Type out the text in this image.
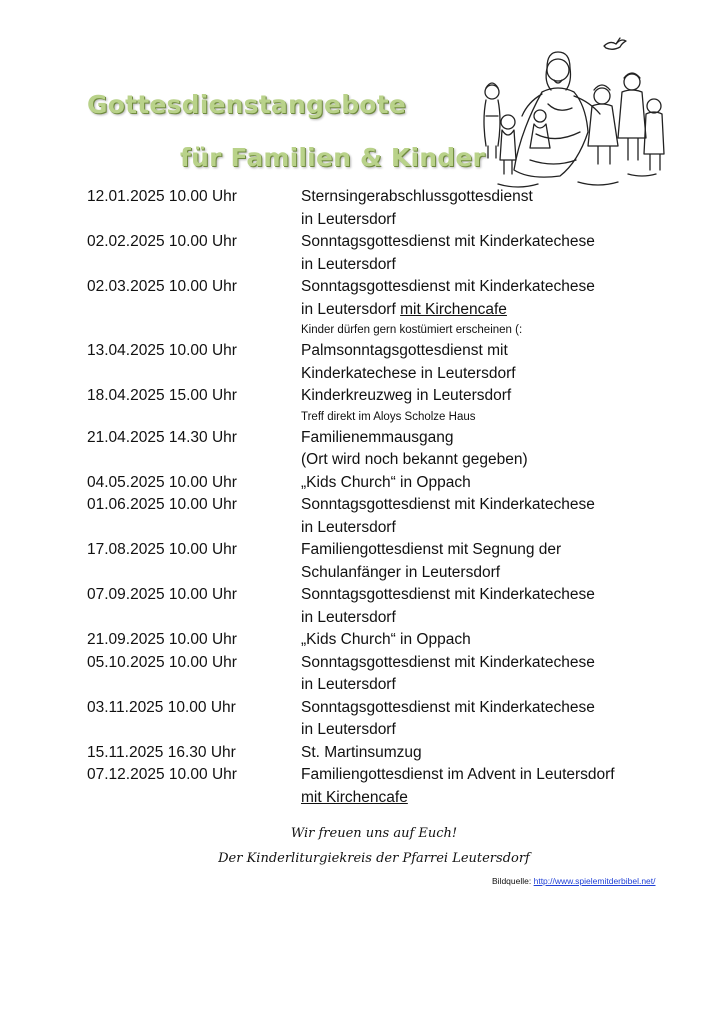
Gottesdienstangebote
für Familien & Kinder
12.01.2025 10.00 Uhr	Sternsingerabschlussgottesdienst
in Leutersdorf
02.02.2025 10.00 Uhr	Sonntagsgottesdienst mit Kinderkatechese
in Leutersdorf
02.03.2025 10.00 Uhr	Sonntagsgottesdienst mit Kinderkatechese
in Leutersdorf mit Kirchencafe
Kinder dürfen gern kostümiert erscheinen (:
13.04.2025 10.00 Uhr	Palmsonntagsgottesdienst mit
Kinderkatechese in Leutersdorf
18.04.2025 15.00 Uhr	Kinderkreuzweg in Leutersdorf
Treff direkt im Aloys Scholze Haus
21.04.2025 14.30 Uhr	Familienemmausgang
(Ort wird noch bekannt gegeben)
04.05.2025 10.00 Uhr	„Kids Church“ in Oppach
01.06.2025 10.00 Uhr	Sonntagsgottesdienst mit Kinderkatechese
in Leutersdorf
17.08.2025 10.00 Uhr	Familiengottesdienst mit Segnung der
Schulanfänger in Leutersdorf
07.09.2025 10.00 Uhr	Sonntagsgottesdienst mit Kinderkatechese
in Leutersdorf
21.09.2025 10.00 Uhr	„Kids Church“ in Oppach
05.10.2025 10.00 Uhr	Sonntagsgottesdienst mit Kinderkatechese
in Leutersdorf
03.11.2025 10.00 Uhr	Sonntagsgottesdienst mit Kinderkatechese
in Leutersdorf
15.11.2025 16.30 Uhr	St. Martinsumzug
07.12.2025 10.00 Uhr	Familiengottesdienst im Advent in Leutersdorf
mit Kirchencafe
Wir freuen uns auf Euch!
Der Kinderliturgiekreis der Pfarrei Leutersdorf
Bildquelle: http://www.spielemitderbibel.net/
